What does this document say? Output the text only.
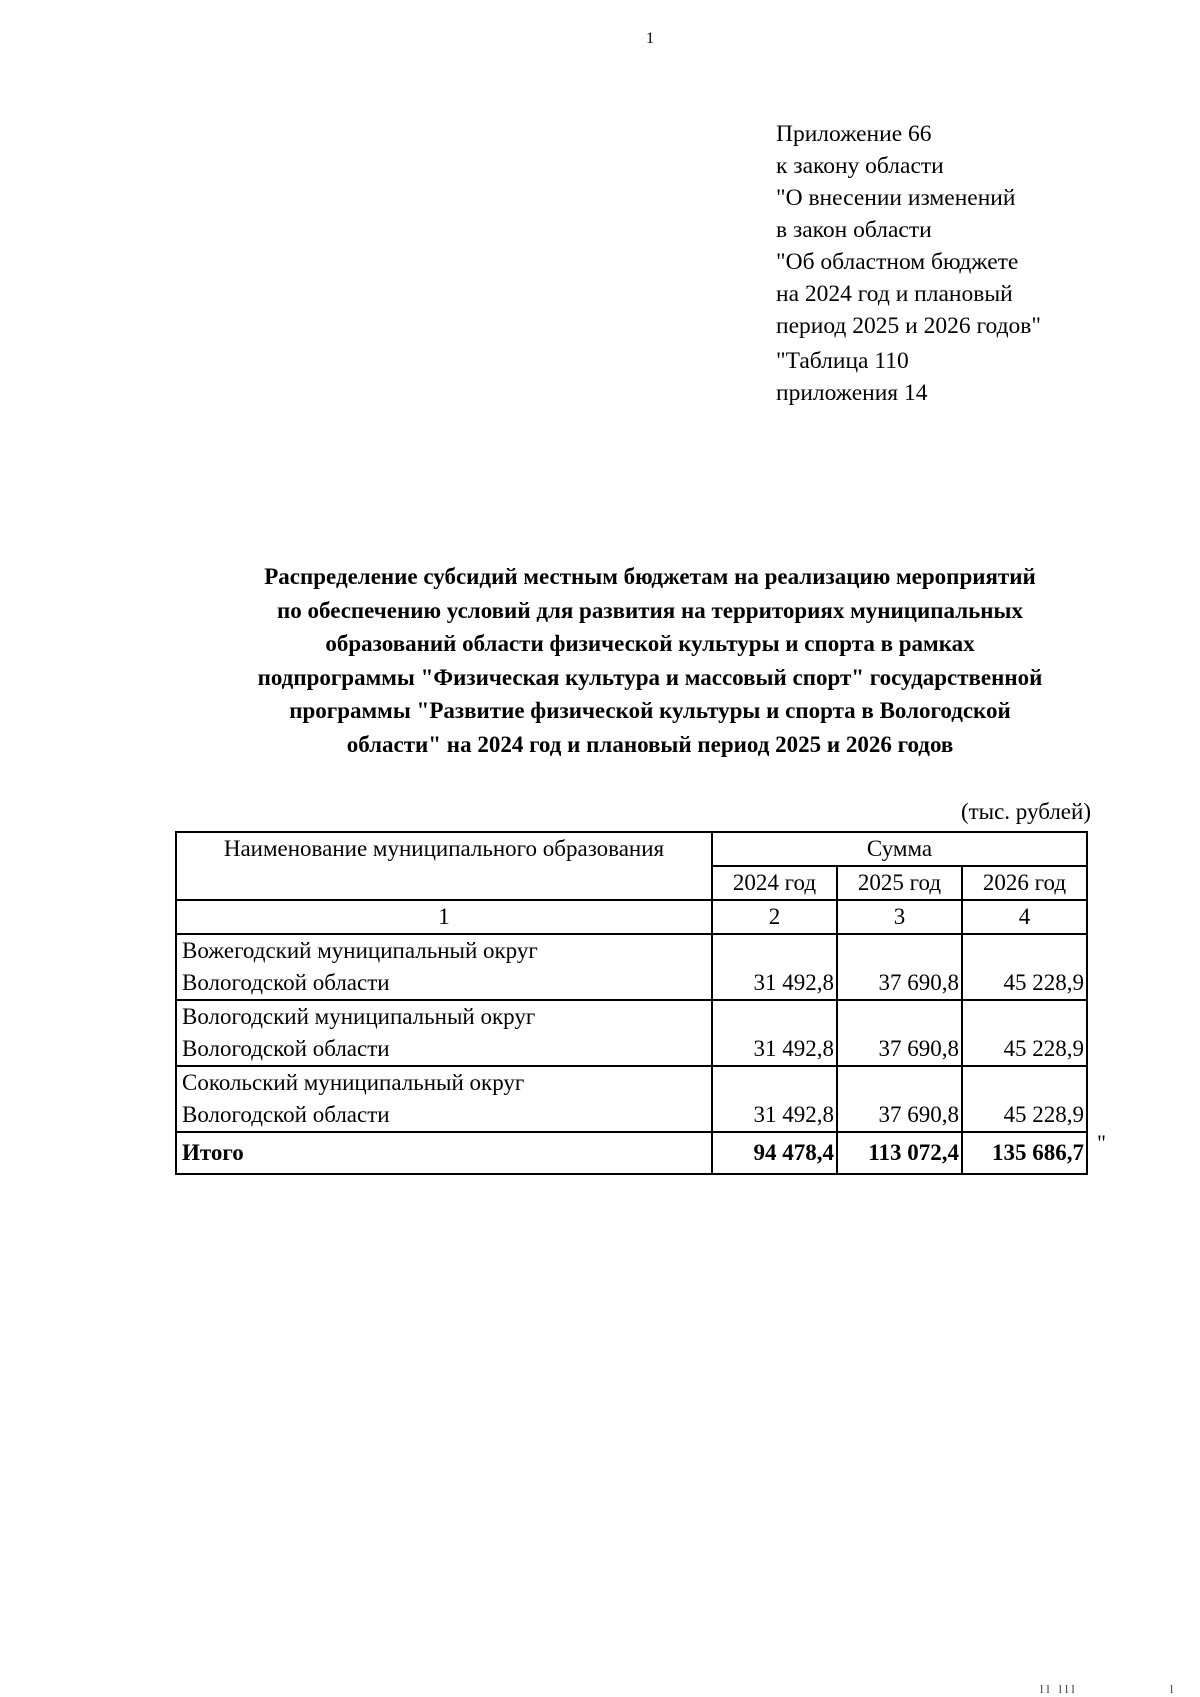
1
Приложение 66
к закону области
"О внесении изменений
в закон области
"Об областном бюджете
на 2024 год и плановый
период 2025 и 2026 годов"
"Таблица 110
приложения 14
Распределение субсидий местным бюджетам на реализацию мероприятий
по обеспечению условий для развития на территориях муниципальных
образований области физической культуры и спорта в рамках
подпрограммы "Физическая культура и массовый спорт" государственной
программы "Развитие физической культуры и спорта в Вологодской
области" на 2024 год и плановый период 2025 и 2026 годов
(тыс. рублей)
Наименование муниципального образования	Сумма		
	2024 год	2025 год	2026 год
1	2	3	4

Вожегодский муниципальный округ
Вологодской области	31 492,8	37 690,8	45 228,9

Вологодский муниципальный округ
Вологодской области	31 492,8	37 690,8	45 228,9

Сокольский муниципальный округ
Вологодской области	31 492,8	37 690,8	45 228,9
Итого	94 478,4	113 072,4	135 686,7 "
ll lll	l
